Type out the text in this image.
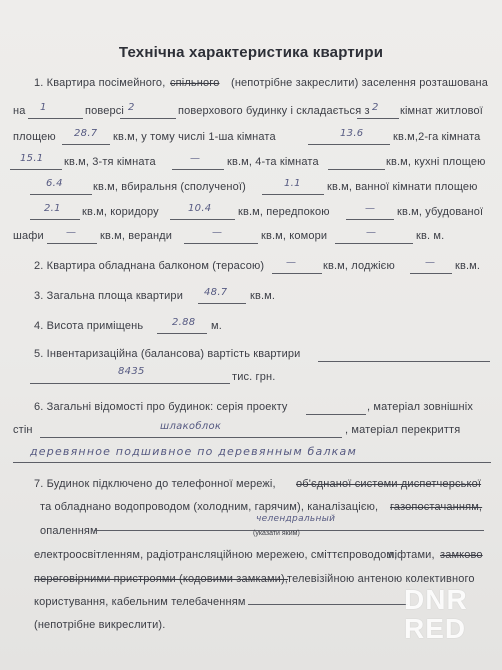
Технічна характеристика квартири
1. Квартира посімейного, спільного (непотрібне закреслити) заселення розташована
на 1	поверсі 2	поверхового будинку і складається з 2 кімнат житлової
площею 28.7 кв.м, у тому числі 1-ша кімната	13.6	кв.м,2-га кімната
15.1 кв.м, 3-тя кімната	— кв.м, 4-та кімната	кв.м, кухні площею
6.4	кв.м, вбиральня (сполученої)	1.1 кв.м, ванної кімнати площею
2.1 кв.м, коридору	10.4 кв.м, передпокою	— кв.м, убудованої
шафи — кв.м, веранди	—	кв.м, комори	—	кв. м.
2. Квартира обладнана балконом (терасою) — кв.м, лоджією	— кв.м.
3. Загальна площа квартири 48.7 кв.м.
4. Висота приміщень	2.88 м.
5. Інвентаризаційна (балансова) вартість квартири
8435	тис. грн.
6. Загальні відомості про будинок: серія проекту	, матеріал зовнішніх
стін	шлакоблок	, матеріал перекриття
деревянное подшивное по деревянным балкам
7. Будинок підключено до телефонної мережі, об'єднаної системи диспетчерської
та обладнано водопроводом (холодним, гарячим), каналізацією, газопостачанням,
опаленням
челендральный
(указати яким)
електроосвітленням, радіотрансляційною мережею, сміттєпроводом,
ліфтами, замково
переговірними пристроями (кодовими замками), телевізійною антеною колективного
користування, кабельним телебаченням
(непотрібне викреслити).
DNR
RED
